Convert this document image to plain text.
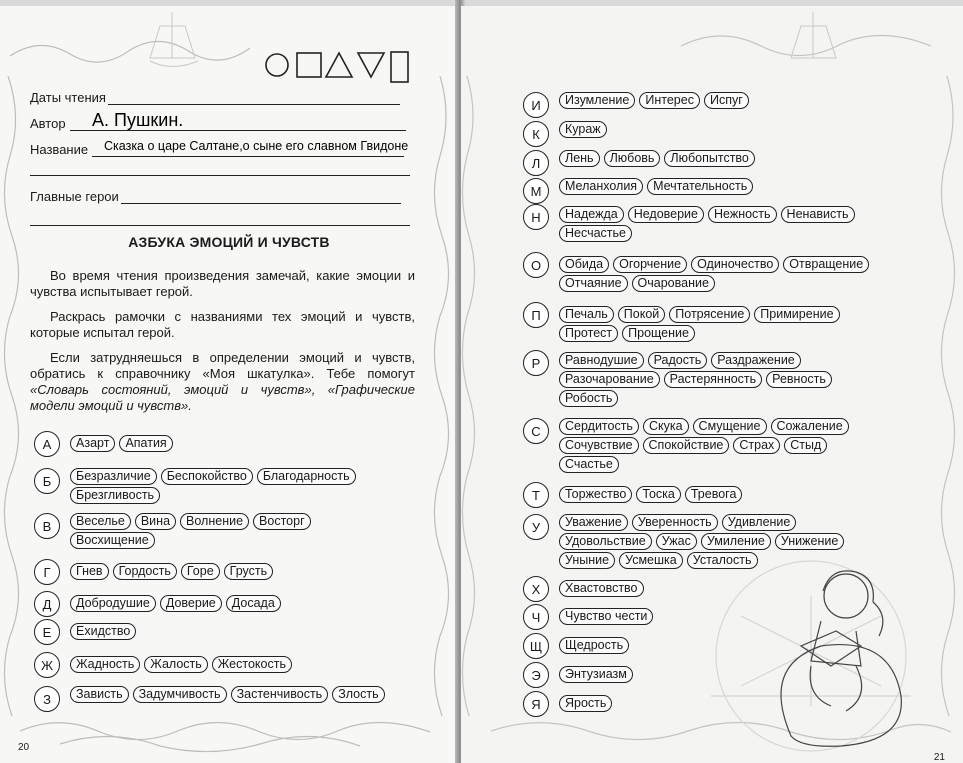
Даты чтения
Автор А. Пушкин.
Название Сказка о царе Салтане,о сыне его славном Гвидоне
Главные герои
АЗБУКА ЭМОЦИЙ И ЧУВСТВ

Во время чтения произведения замечай, какие эмоции и чувства испытывает герой.

Раскрась рамочки с названиями тех эмоций и чувств, которые испытал герой.

Если затрудняешься в определении эмоций и чувств, обратись к справочнику «Моя шкатулка». Тебе помогут «Словарь состояний, эмоций и чувств», «Графические модели эмоций и чувств».

А	Азарт	Апатия
Б	Безразличие	Беспокойство	Благодарность
Брезгливость
В	Веселье	Вина	Волнение	Восторг
Восхищение
Г	Гнев	Гордость	Горе	Грусть
Д	Добродушие	Доверие	Досада
Е	Ехидство
Ж	Жадность	Жалость	Жестокость
З	Зависть	Задумчивость	Застенчивость	Злость
20
И	Изумление	Интерес	Испуг
К	Кураж
Л	Лень	Любовь	Любопытство
М	Меланхолия	Мечтательность
Н	Надежда	Недоверие	Нежность	Ненависть
Несчастье
О	Обида	Огорчение	Одиночество	Отвращение
Отчаяние	Очарование
П	Печаль	Покой	Потрясение	Примирение
Протест	Прощение
Р	Равнодушие	Радость	Раздражение
Разочарование	Растерянность	Ревность
Робость
С	Сердитость	Скука	Смущение	Сожаление
Сочувствие	Спокойствие	Страх	Стыд
Счастье
Т	Торжество	Тоска	Тревога
У	Уважение	Уверенность	Удивление
Удовольствие	Ужас	Умиление	Унижение
Уныние	Усмешка	Усталость
Х	Хвастовство
Ч	Чувство чести
Щ	Щедрость
Э	Энтузиазм
Я	Ярость
21
